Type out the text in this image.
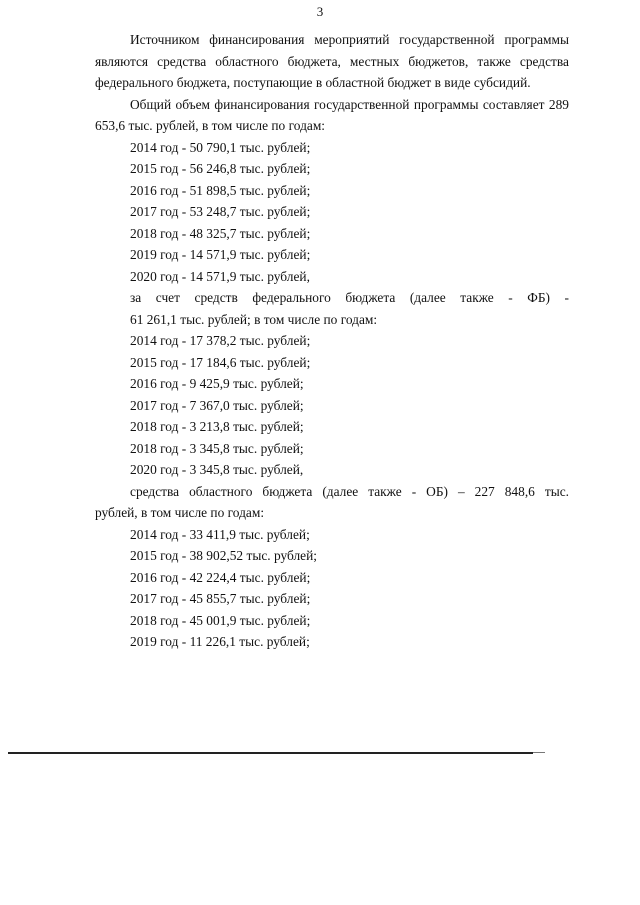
3

Источником финансирования мероприятий государственной программы являются средства областного бюджета, местных бюджетов, также средства федерального бюджета, поступающие в областной бюджет в виде субсидий.

Общий объем финансирования государственной программы составляет 289 653,6 тыс. рублей, в том числе по годам:

2014 год - 50 790,1 тыс. рублей;

2015 год - 56 246,8 тыс. рублей;

2016 год - 51 898,5 тыс. рублей;

2017 год - 53 248,7 тыс. рублей;

2018 год - 48 325,7 тыс. рублей;

2019 год - 14 571,9 тыс. рублей;

2020 год - 14 571,9 тыс. рублей,

за счет средств федерального бюджета (далее также - ФБ) -

61 261,1 тыс. рублей; в том числе по годам:

2014 год - 17 378,2 тыс. рублей;

2015 год - 17 184,6 тыс. рублей;

2016 год - 9 425,9 тыс. рублей;

2017 год - 7 367,0 тыс. рублей;

2018 год - 3 213,8 тыс. рублей;

2018 год - 3 345,8 тыс. рублей;

2020 год - 3 345,8 тыс. рублей,

средства областного бюджета (далее также - ОБ) – 227 848,6 тыс.

рублей, в том числе по годам:

2014 год - 33 411,9 тыс. рублей;

2015 год - 38 902,52 тыс. рублей;

2016 год - 42 224,4 тыс. рублей;

2017 год - 45 855,7 тыс. рублей;

2018 год - 45 001,9 тыс. рублей;

2019 год - 11 226,1 тыс. рублей;
